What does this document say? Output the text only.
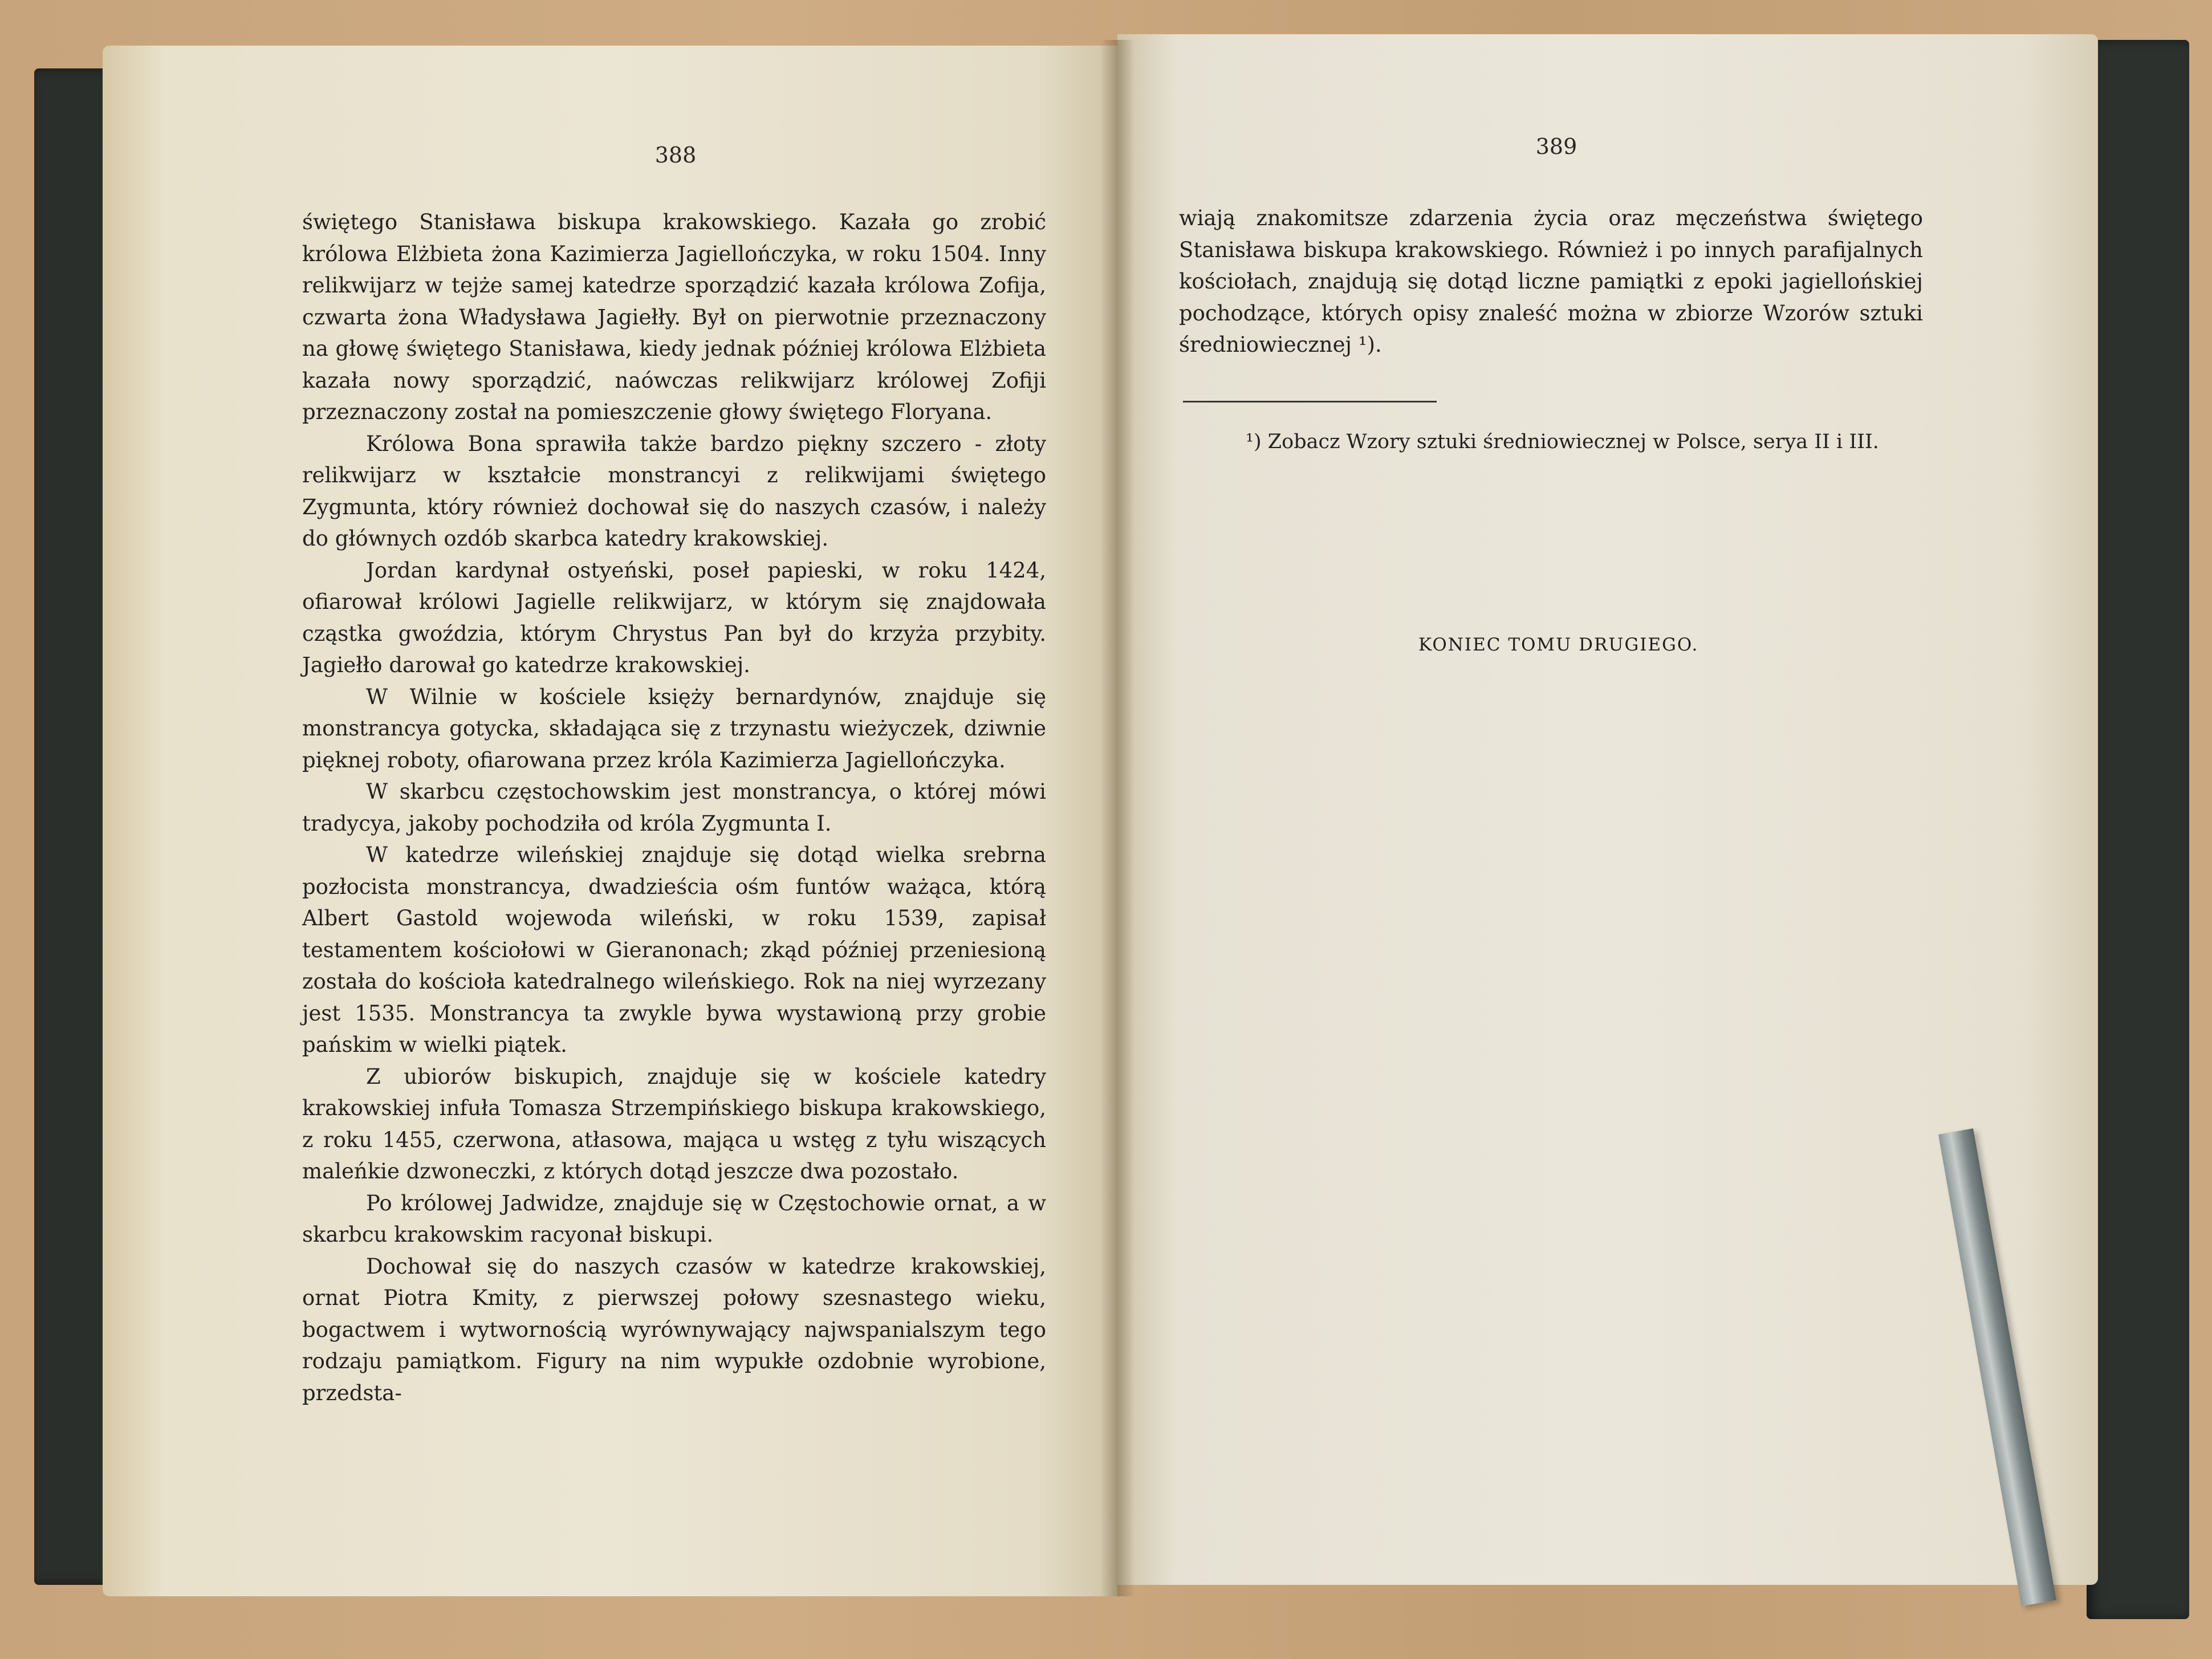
388

świętego Stanisława biskupa krakowskiego. Kazała go zrobić królowa Elżbieta żona Kazimierza Jagiellończyka, w roku 1504. Inny relikwijarz w tejże samej katedrze sporządzić kazała królowa Zofija, czwarta żona Władysława Jagiełły. Był on pierwotnie przeznaczony na głowę świętego Stanisława, kiedy jednak później królowa Elżbieta kazała nowy sporządzić, naówczas relikwijarz królowej Zofiji przeznaczony został na pomieszczenie głowy świętego Floryana.

Królowa Bona sprawiła także bardzo piękny szczero - złoty relikwijarz w kształcie monstrancyi z relikwijami świętego Zygmunta, który również dochował się do naszych czasów, i należy do głównych ozdób skarbca katedry krakowskiej.

Jordan kardynał ostyeński, poseł papieski, w roku 1424, ofiarował królowi Jagielle relikwijarz, w którym się znajdowała cząstka gwoździa, którym Chrystus Pan był do krzyża przybity. Jagiełło darował go katedrze krakowskiej.

W Wilnie w kościele księży bernardynów, znajduje się monstrancya gotycka, składająca się z trzynastu wieżyczek, dziwnie pięknej roboty, ofiarowana przez króla Kazimierza Jagiellończyka.

W skarbcu częstochowskim jest monstrancya, o której mówi tradycya, jakoby pochodziła od króla Zygmunta I.

W katedrze wileńskiej znajduje się dotąd wielka srebrna pozłocista monstrancya, dwadzieścia ośm funtów ważąca, którą Albert Gastold wojewoda wileński, w roku 1539, zapisał testamentem kościołowi w Gieranonach; zkąd później przeniesioną została do kościoła katedralnego wileńskiego. Rok na niej wyrzezany jest 1535. Monstrancya ta zwykle bywa wystawioną przy grobie pańskim w wielki piątek.

Z ubiorów biskupich, znajduje się w kościele katedry krakowskiej infuła Tomasza Strzempińskiego biskupa krakowskiego, z roku 1455, czerwona, atłasowa, mająca u wstęg z tyłu wiszących maleńkie dzwoneczki, z których dotąd jeszcze dwa pozostało.

Po królowej Jadwidze, znajduje się w Częstochowie ornat, a w skarbcu krakowskim racyonał biskupi.

Dochował się do naszych czasów w katedrze krakowskiej, ornat Piotra Kmity, z pierwszej połowy szesnastego wieku, bogactwem i wytwornością wyrównywający najwspanialszym tego rodzaju pamiątkom. Figury na nim wypukłe ozdobnie wyrobione, przedsta-

389

wiają znakomitsze zdarzenia życia oraz męczeństwa świętego Stanisława biskupa krakowskiego. Również i po innych parafijalnych kościołach, znajdują się dotąd liczne pamiątki z epoki jagiellońskiej pochodzące, których opisy znaleść można w zbiorze Wzorów sztuki średniowiecznej ¹).

¹) Zobacz Wzory sztuki średniowiecznej w Polsce, serya II i III.
KONIEC TOMU DRUGIEGO.
